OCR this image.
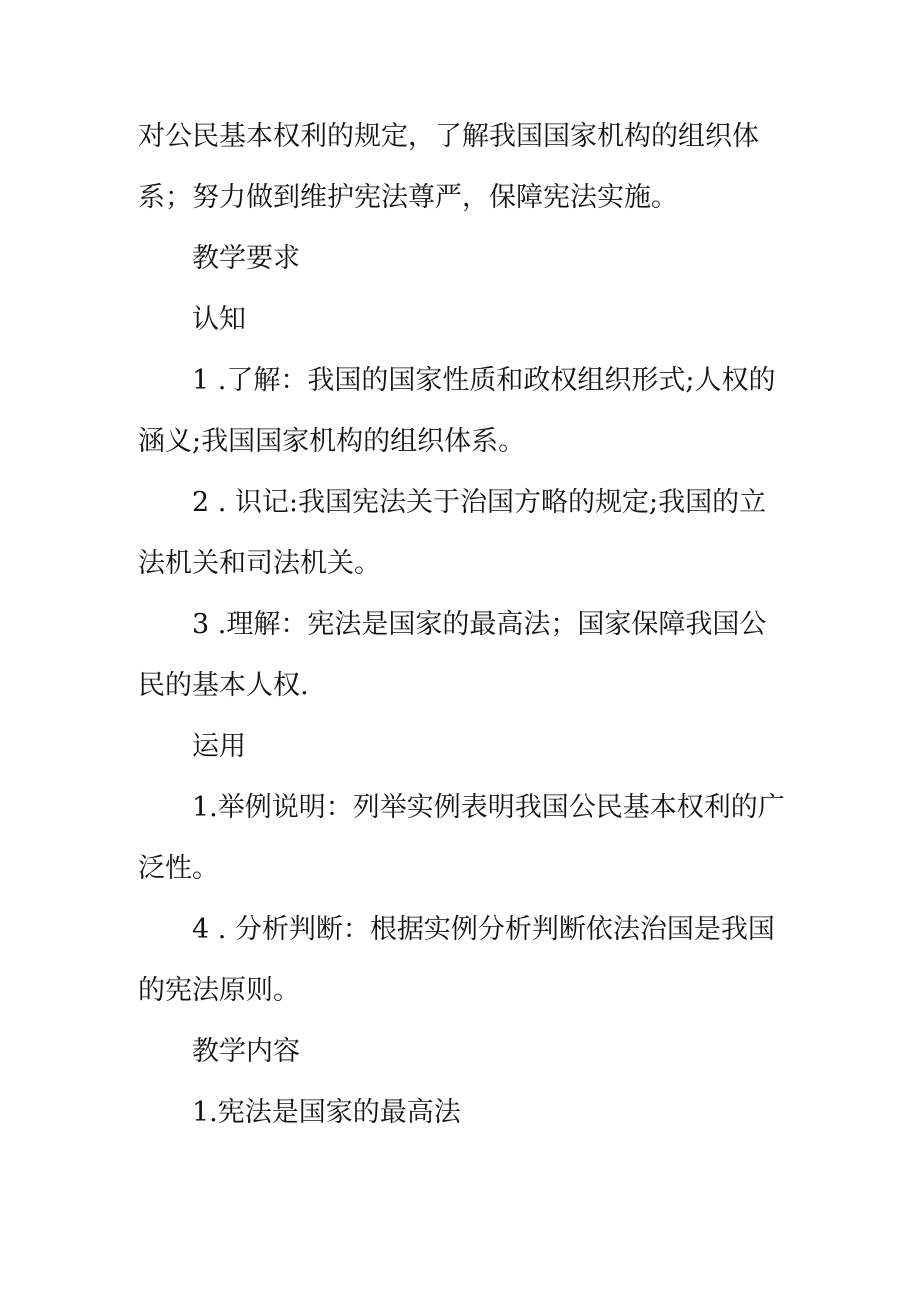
对公民基本权利的规定，了解我国国家机构的组织体系；努力做到维护宪法尊严，保障宪法实施。

教学要求

认知

1 .了解：我国的国家性质和政权组织形式;人权的涵义;我国国家机构的组织体系。

2 . 识记:我国宪法关于治国方略的规定;我国的立法机关和司法机关。

3 .理解：宪法是国家的最高法；国家保障我国公民的基本人权.

运用

1.举例说明：列举实例表明我国公民基本权利的广泛性。

4 . 分析判断：根据实例分析判断依法治国是我国的宪法原则。

教学内容

1.宪法是国家的最高法
